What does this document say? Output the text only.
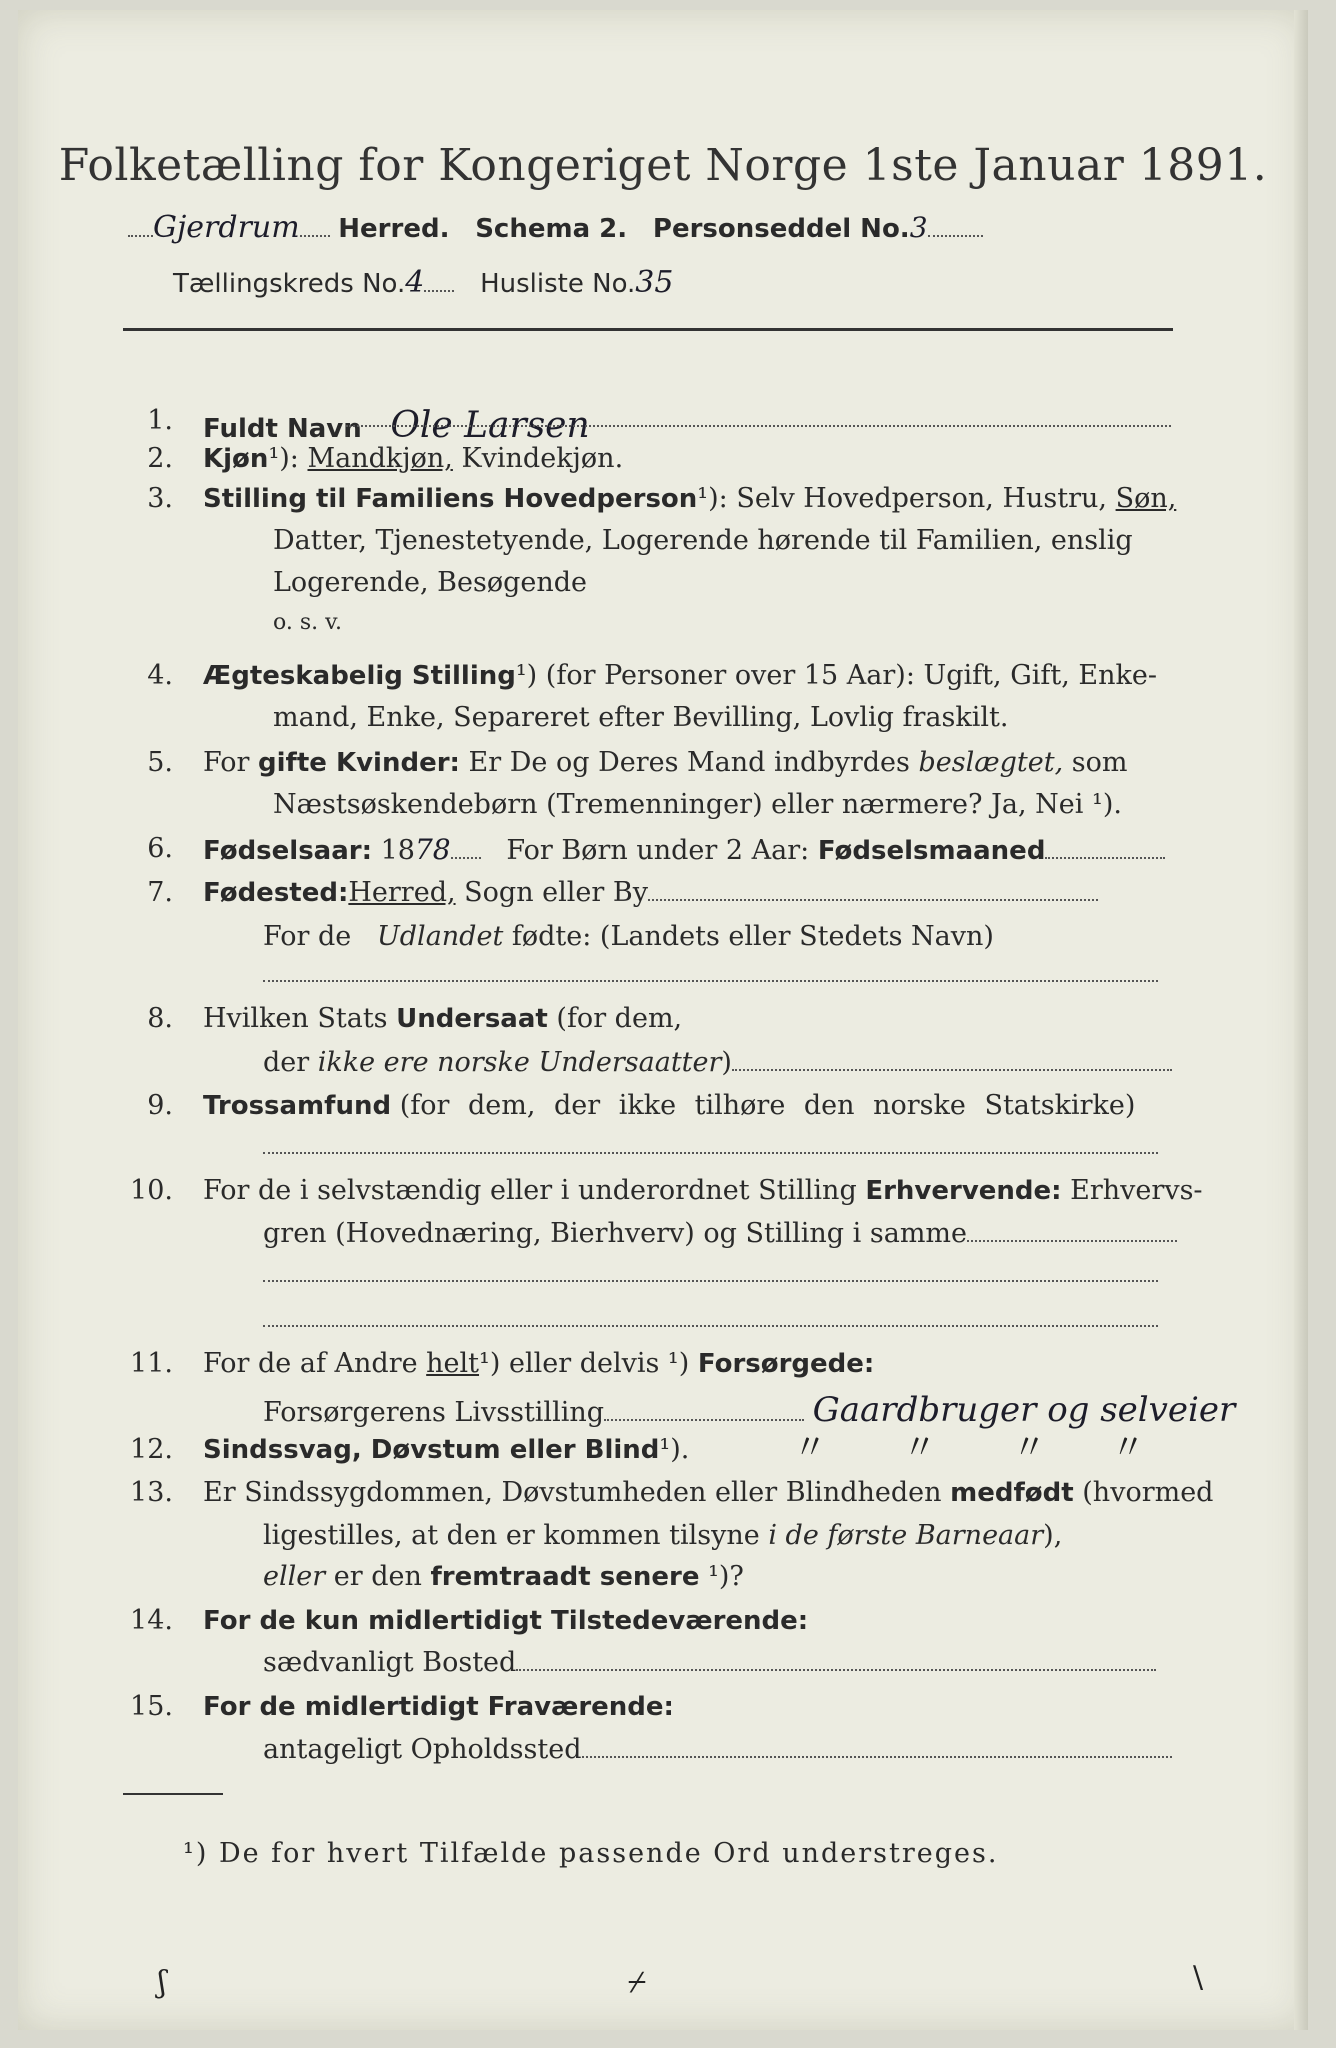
Folketælling for Kongeriget Norge 1ste Januar 1891.
Gjerdrum Herred. Schema 2. Personseddel No.3
Tællingskreds No.4 Husliste No.35
1. Fuldt Navn Ole Larsen
2. Kjøn¹): Mandkjøn, Kvindekjøn.
3. Stilling til Familiens Hovedperson¹): Selv Hovedperson, Hustru, Søn,
Datter, Tjenestetyende, Logerende hørende til Familien, enslig
Logerende, Besøgende
o. s. v.
4. Ægteskabelig Stilling¹) (for Personer over 15 Aar): Ugift, Gift, Enke-
mand, Enke, Separeret efter Bevilling, Lovlig fraskilt.
5. For gifte Kvinder: Er De og Deres Mand indbyrdes beslægtet, som
Næstsøskendebørn (Tremenninger) eller nærmere? Ja, Nei ¹).
6. Fødselsaar: 1878 For Børn under 2 Aar: Fødselsmaaned
7. Fødested:Herred, Sogn eller By
For de Udlandet fødte: (Landets eller Stedets Navn)
8. Hvilken Stats Undersaat (for dem,
der ikke ere norske Undersaatter)
9. Trossamfund (for dem, der ikke tilhøre den norske Statskirke)
10. For de i selvstændig eller i underordnet Stilling Erhvervende: Erhvervs-
gren (Hovednæring, Bierhverv) og Stilling i samme
11. For de af Andre helt¹) eller delvis ¹) Forsørgede:
Forsørgerens Livsstilling	Gaardbruger og selveier
12. Sindssvag, Døvstum eller Blind¹).	〃       〃       〃      〃
13. Er Sindssygdommen, Døvstumheden eller Blindheden medfødt (hvormed
ligestilles, at den er kommen tilsyne i de første Barneaar),
eller er den fremtraadt senere ¹)?
14. For de kun midlertidigt Tilstedeværende:
sædvanligt Bosted
15. For de midlertidigt Fraværende:
antageligt Opholdssted
¹) De for hvert Tilfælde passende Ord understreges.
ʃ	⌿	\
